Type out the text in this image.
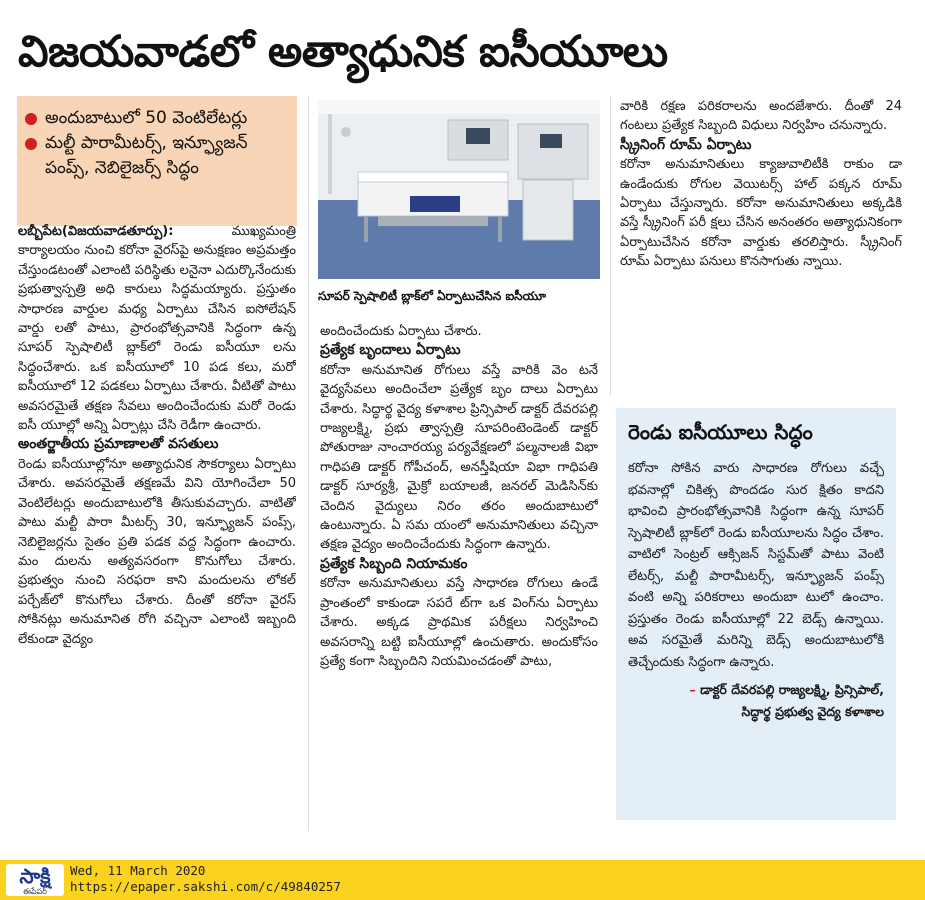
విజయవాడలో అత్యాధునిక ఐసీయూలు
అందుబాటులో 50 వెంటిలేటర్లు
మల్టీ పారామీటర్స్, ఇన్ఫ్యూజన్ పంప్స్, నెబిలైజర్స్ సిద్ధం

లబ్బీపేట(విజయవాడతూర్పు):	ముఖ్యమంత్రి కార్యాలయం నుంచి కరోనా వైరస్‌పై అనుక్షణం అప్రమత్తం చేస్తుండటంతో ఎలాంటి పరిస్థితు లనైనా ఎదుర్కొనేందుకు ప్రభుత్వాస్పత్రి అధి కారులు సిద్ధమయ్యారు. ప్రస్తుతం సాధారణ వార్డుల మధ్య ఏర్పాటు చేసిన ఐసోలేషన్ వార్డు లతో పాటు, ప్రారంభోత్సవానికి సిద్ధంగా ఉన్న సూపర్ స్పెషాలిటీ బ్లాక్‌లో రెండు ఐసీయూ లను సిద్ధంచేశారు. ఒక ఐసీయూలో 10 పడ కలు, మరో ఐసీయూలో 12 పడకలు ఏర్పాటు చేశారు. వీటితో పాటు అవసరమైతే తక్షణ సేవలు అందించేందుకు మరో రెండు ఐసీ యూల్లో అన్ని ఏర్పాట్లు చేసి రెడీగా ఉంచారు.

అంతర్జాతీయ ప్రమాణాలతో వసతులు

రెండు ఐసీయూల్లోనూ అత్యాధునిక సౌకర్యాలు ఏర్పాటు చేశారు. అవసరమైతే తక్షణమే విని యోగించేలా 50 వెంటిలేటర్లు అందుబాటులోకి తీసుకువచ్చారు. వాటితో పాటు మల్టీ పారా మీటర్స్ 30, ఇన్ఫ్యూజన్ పంప్స్, నెబిలైజర్లను సైతం ప్రతి పడక వద్ద సిద్ధంగా ఉంచారు. మం దులను అత్యవసరంగా కొనుగోలు చేశారు. ప్రభుత్వం నుంచి సరఫరా కాని మందులను లోకల్ పర్చేజ్‌లో కొనుగోలు చేశారు. దీంతో కరోనా వైరస్ సోకినట్లు అనుమానిత రోగి వచ్చినా ఎలాంటి ఇబ్బంది లేకుండా వైద్యం

సూపర్ స్పెషాలిటీ బ్లాక్‌లో ఏర్పాటుచేసిన ఐసీయూ

అందించేందుకు ఏర్పాటు చేశారు.

ప్రత్యేక బృందాలు ఏర్పాటు

కరోనా అనుమానిత రోగులు వస్తే వారికి వెం టనే వైద్యసేవలు అందించేలా ప్రత్యేక బృం దాలు ఏర్పాటు చేశారు. సిద్ధార్థ వైద్య కళాశాల ప్రిన్సిపాల్ డాక్టర్ దేవరపల్లి రాజ్యలక్ష్మి, ప్రభు త్వాస్పత్రి సూపరింటెండెంట్ డాక్టర్ పోతురాజు నాంచారయ్య పర్యవేక్షణలో పల్మనాలజీ విభా గాధిపతి డాక్టర్ గోపీచంద్, అనస్తీషియా విభా గాధిపతి డాక్టర్ సూర్యశ్రీ, మైక్రో బయాలజీ, జనరల్ మెడిసిన్‌కు చెందిన వైద్యులు నిరం తరం అందుబాటులో ఉంటున్నారు. ఏ సమ యంలో అనుమానితులు వచ్చినా తక్షణ వైద్యం అందించేందుకు సిద్ధంగా ఉన్నారు.

ప్రత్యేక సిబ్బంది నియామకం

కరోనా అనుమానితులు వస్తే సాధారణ రోగులు ఉండే ప్రాంతంలో కాకుండా సపరే ట్‌గా ఒక వింగ్‌ను ఏర్పాటు చేశారు. అక్కడ ప్రాథమిక పరీక్షలు నిర్వహించి అవసరాన్ని బట్టి ఐసీయూల్లో ఉంచుతారు. అందుకోసం ప్రత్యే కంగా సిబ్బందిని నియమించడంతో పాటు,

వారికి రక్షణ పరికరాలను అందజేశారు. దీంతో 24 గంటలు ప్రత్యేక సిబ్బంది విధులు నిర్వహిం చనున్నారు.

స్క్రీనింగ్ రూమ్ ఏర్పాటు

కరోనా అనుమానితులు క్యాజువాలిటీకి రాకుం డా ఉండేందుకు రోగుల వెయిటర్స్ హాల్ పక్కన రూమ్ ఏర్పాటు చేస్తున్నారు. కరోనా అనుమానితులు అక్కడికి వస్తే స్క్రీనింగ్ పరీ క్షలు చేసిన అనంతరం అత్యాధునికంగా ఏర్పాటుచేసిన కరోనా వార్డుకు తరలిస్తారు. స్క్రీనింగ్ రూమ్ ఏర్పాటు పనులు కొనసాగుతు న్నాయి.

రెండు ఐసీయూలు సిద్ధం

కరోనా సోకిన వారు సాధారణ రోగులు వచ్చే భవనాల్లో చికిత్స పొందడం సుర క్షితం కాదని భావించి ప్రారంభోత్సవానికి సిద్ధంగా ఉన్న సూపర్ స్పెషాలిటీ బ్లాక్‌లో రెండు ఐసీయూలను సిద్ధం చేశాం. వాటిలో సెంట్రల్ ఆక్సిజన్ సిస్టమ్‌తో పాటు వెంటి లేటర్స్, మల్టీ పారామీటర్స్, ఇన్ఫ్యూజన్ పంప్స్ వంటి అన్ని పరికరాలు అందుబా టులో ఉంచాం. ప్రస్తుతం రెండు ఐసీయూల్లో 22 బెడ్స్ ఉన్నాయి. అవ సరమైతే మరిన్ని బెడ్స్ అందుబాటులోకి తెచ్చేందుకు సిద్ధంగా ఉన్నారు.

– డాక్టర్ దేవరపల్లి రాజ్యలక్ష్మి, ప్రిన్సిపాల్,
సిద్ధార్థ ప్రభుత్వ వైద్య కళాశాల
సాక్షి
ఈపేపర్
Wed, 11 March 2020
https://epaper.sakshi.com/c/49840257
